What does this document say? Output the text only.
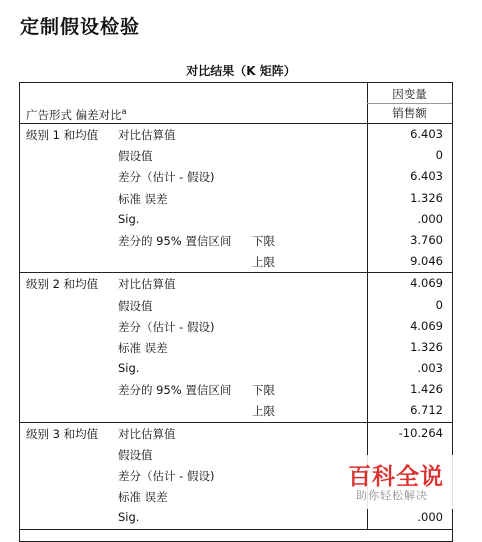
定制假设检验
对比结果（K 矩阵）
因变量
销售额
广告形式 偏差对比$^a$
级别 1 和均值 对比估算值	6.403
假设值	0
差分（估计 - 假设)	6.403
标准 误差	1.326
Sig.	.000
差分的 95% 置信区间 下限	3.760
上限	9.046
级别 2 和均值 对比估算值	4.069
假设值	0
差分（估计 - 假设)	4.069
标准 误差	1.326
Sig.	.003
差分的 95% 置信区间 下限	1.426
上限	6.712
级别 3 和均值 对比估算值	-10.264
假设值
差分（估计 - 假设)
标准 误差
Sig.	.000
百科全说
助你轻松解决
